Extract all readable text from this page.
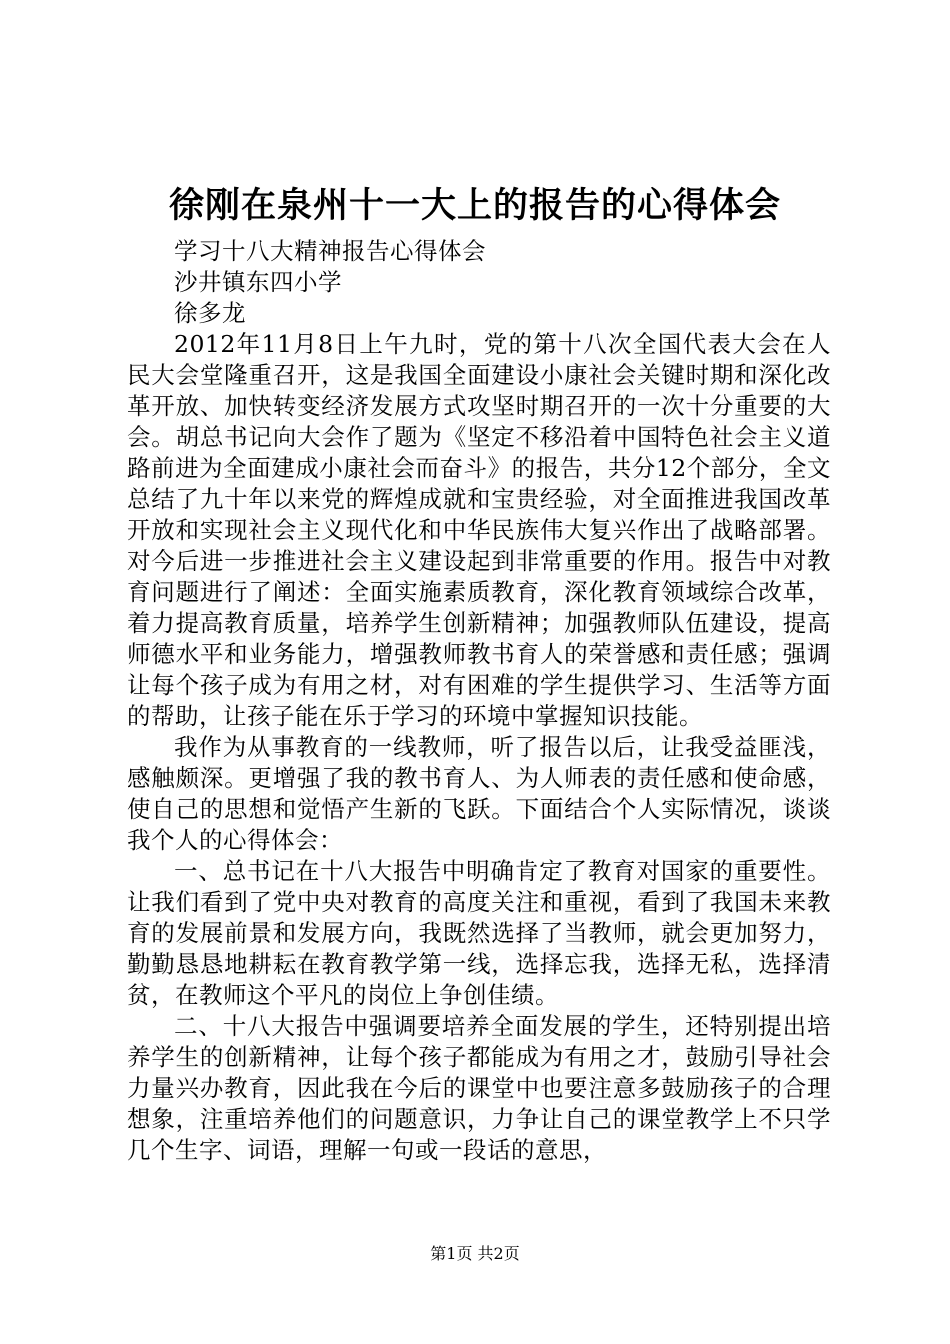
徐刚在泉州十一大上的报告的心得体会

学习十八大精神报告心得体会

沙井镇东四小学

徐多龙

2012年11月8日上午九时，党的第十八次全国代表大会在人民大会堂隆重召开，这是我国全面建设小康社会关键时期和深化改革开放、加快转变经济发展方式攻坚时期召开的一次十分重要的大会。胡总书记向大会作了题为《坚定不移沿着中国特色社会主义道路前进为全面建成小康社会而奋斗》的报告，共分12个部分，全文总结了九十年以来党的辉煌成就和宝贵经验，对全面推进我国改革开放和实现社会主义现代化和中华民族伟大复兴作出了战略部署。对今后进一步推进社会主义建设起到非常重要的作用。报告中对教育问题进行了阐述：全面实施素质教育，深化教育领域综合改革，着力提高教育质量，培养学生创新精神；加强教师队伍建设，提高师德水平和业务能力，增强教师教书育人的荣誉感和责任感；强调让每个孩子成为有用之材，对有困难的学生提供学习、生活等方面的帮助，让孩子能在乐于学习的环境中掌握知识技能。

我作为从事教育的一线教师，听了报告以后，让我受益匪浅，感触颇深。更增强了我的教书育人、为人师表的责任感和使命感，使自己的思想和觉悟产生新的飞跃。下面结合个人实际情况，谈谈我个人的心得体会：

一、总书记在十八大报告中明确肯定了教育对国家的重要性。让我们看到了党中央对教育的高度关注和重视，看到了我国未来教育的发展前景和发展方向，我既然选择了当教师，就会更加努力，勤勤恳恳地耕耘在教育教学第一线，选择忘我，选择无私，选择清贫，在教师这个平凡的岗位上争创佳绩。

二、十八大报告中强调要培养全面发展的学生，还特别提出培养学生的创新精神，让每个孩子都能成为有用之才，鼓励引导社会力量兴办教育，因此我在今后的课堂中也要注意多鼓励孩子的合理想象，注重培养他们的问题意识，力争让自己的课堂教学上不只学几个生字、词语，理解一句或一段话的意思，

第1页 共2页
